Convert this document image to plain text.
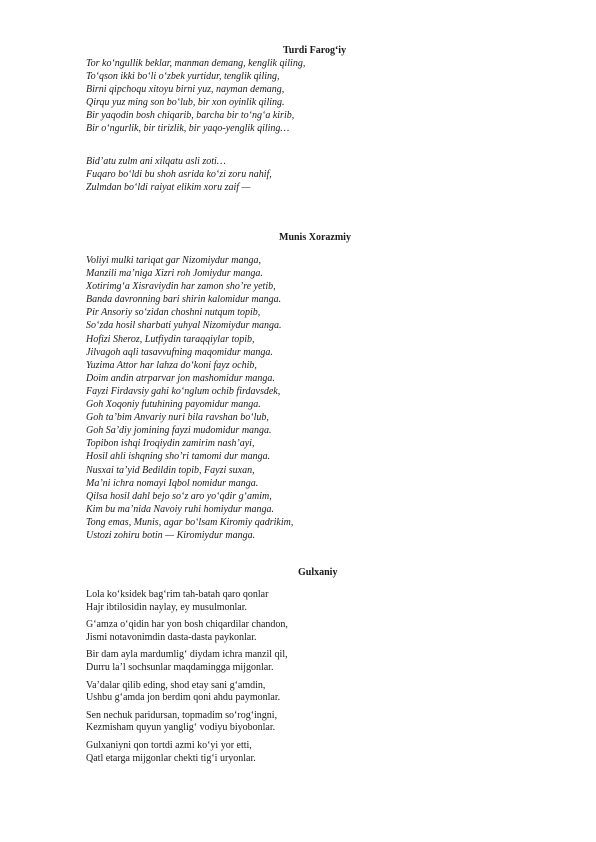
Turdi Farog‘iy
Tor ko‘ngullik beklar, manman demang, kenglik qiling,
To‘qson ikki bo‘li o‘zbek yurtidur, tenglik qiling,
Birni qipchoqu xitoyu birni yuz, nayman demang,
Qirqu yuz ming son bo‘lub, bir xon oyinlik qiling.
Bir yaqodin bosh chiqarib, barcha bir to‘ng‘a kirib,
Bir o‘ngurlik, bir tirizlik, bir yaqo-yenglik qiling…
Bid’atu zulm ani xilqatu asli zoti…
Fuqaro bo‘ldi bu shoh asrida ko‘zi zoru nahif,
Zulmdan bo‘ldi raiyat elikim xoru zaif —
Munis Xorazmiy
Voliyi mulki tariqat gar Nizomiydur manga,
Manzili ma’niga Xizri roh Jomiydur manga.
Xotirimg‘a Xisraviydin har zamon sho’re yetib,
Banda davronning bari shirin kalomidur manga.
Pir Ansoriy so‘zidan choshni nutqum topib,
So‘zda hosil sharbati yuhyal Nizomiydur manga.
Hofizi Sheroz, Lutfiydin taraqqiylar topib,
Jilvagoh aqli tasavvufning maqomidur manga.
Yuzima Attor har lahza do‘koni fayz ochib,
Doim andin atrparvar jon mashomidur manga.
Fayzi Firdavsiy gahi ko‘nglum ochib firdavsdek,
Goh Xoqoniy futuhining payomidur manga.
Goh ta’bim Anvariy nuri bila ravshan bo‘lub,
Goh Sa’diy jomining fayzi mudomidur manga.
Topibon ishqi Iroqiydin zamirim nash’ayi,
Hosil ahli ishqning sho’ri tamomi dur manga.
Nusxai ta’yid Bedildin topib, Fayzi suxan,
Ma’ni ichra nomayi Iqbol nomidur manga.
Qilsa hosil dahl bejo so‘z aro yo‘qdir g‘amim,
Kim bu ma’nida Navoiy ruhi homiydur manga.
Tong emas, Munis, agar bo‘lsam Kiromiy qadrikim,
Ustozi zohiru botin — Kiromiydur manga.
Gulxaniy
Lola ko‘ksidek bag‘rim tah-batah qaro qonlar
Hajr ibtilosidin naylay, ey musulmonlar.
G‘amza o‘qidin har yon bosh chiqardilar chandon,
Jismi notavonimdin dasta-dasta paykonlar.
Bir dam ayla mardumlig‘ diydam ichra manzil qil,
Durru la’l sochsunlar maqdamingga mijgonlar.
Va’dalar qilib eding, shod etay sani g‘amdin,
Ushbu g‘amda jon berdim qoni ahdu paymonlar.
Sen nechuk paridursan, topmadim so‘rog‘ingni,
Kezmisham quyun yanglig‘ vodiyu biyobonlar.
Gulxaniyni qon tortdi azmi ko‘yi yor etti,
Qatl etarga mijgonlar chekti tig‘i uryonlar.
